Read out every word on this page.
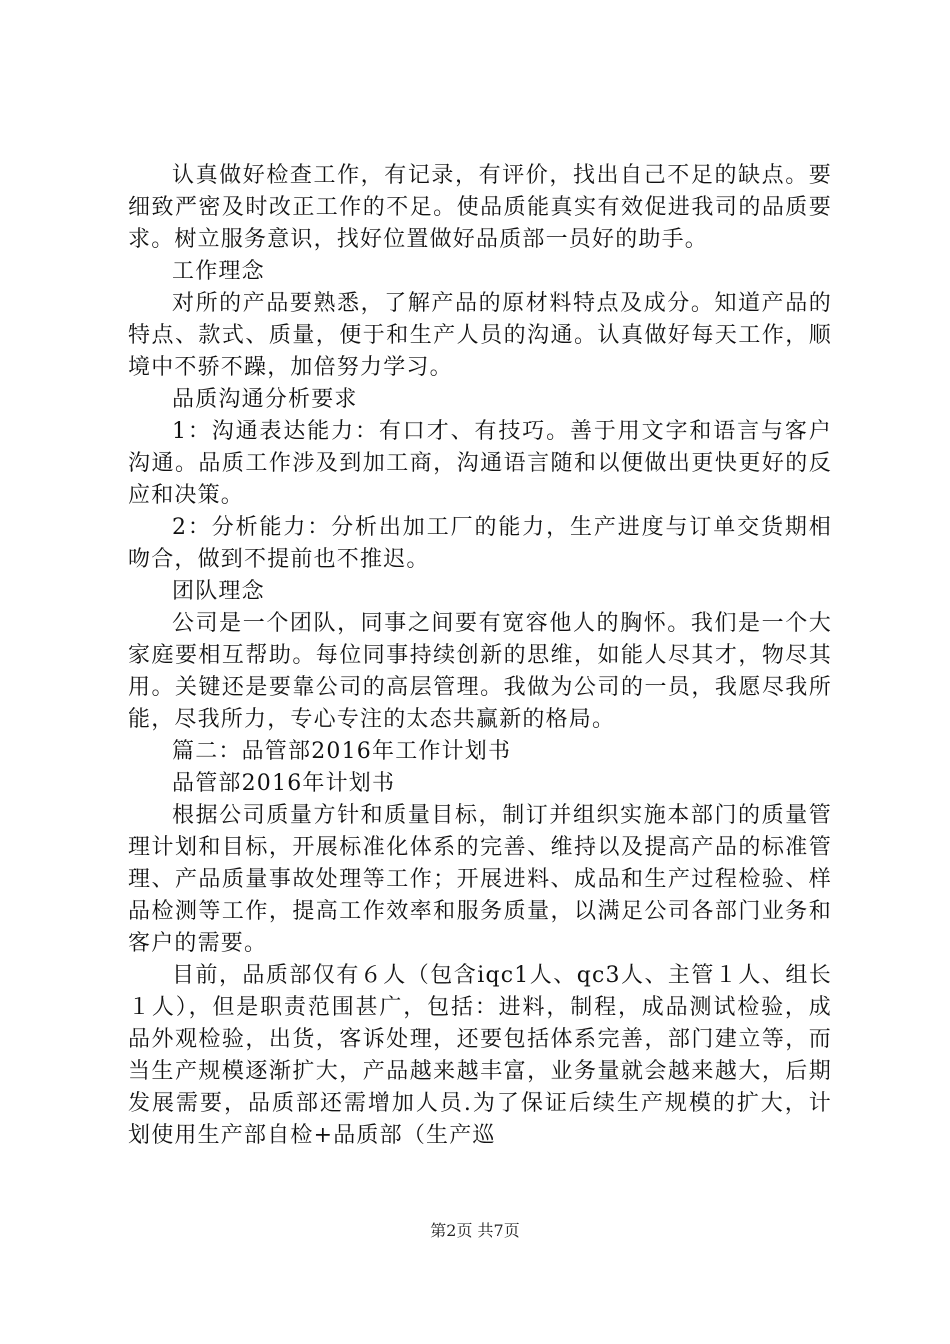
认真做好检查工作，有记录，有评价，找出自己不足的缺点。要细致严密及时改正工作的不足。使品质能真实有效促进我司的品质要求。树立服务意识，找好位置做好品质部一员好的助手。

工作理念

对所的产品要熟悉，了解产品的原材料特点及成分。知道产品的特点、款式、质量，便于和生产人员的沟通。认真做好每天工作，顺境中不骄不躁，加倍努力学习。

品质沟通分析要求

1：沟通表达能力：有口才、有技巧。善于用文字和语言与客户沟通。品质工作涉及到加工商，沟通语言随和以便做出更快更好的反应和决策。

2：分析能力：分析出加工厂的能力，生产进度与订单交货期相吻合，做到不提前也不推迟。

团队理念

公司是一个团队，同事之间要有宽容他人的胸怀。我们是一个大家庭要相互帮助。每位同事持续创新的思维，如能人尽其才，物尽其用。关键还是要靠公司的高层管理。我做为公司的一员，我愿尽我所能，尽我所力，专心专注的太态共赢新的格局。

篇二：品管部2016年工作计划书

品管部2016年计划书

根据公司质量方针和质量目标，制订并组织实施本部门的质量管理计划和目标，开展标准化体系的完善、维持以及提高产品的标准管理、产品质量事故处理等工作；开展进料、成品和生产过程检验、样品检测等工作，提高工作效率和服务质量，以满足公司各部门业务和客户的需要。

目前，品质部仅有６人（包含iqc1人、qc3人、主管１人、组长１人），但是职责范围甚广，包括：进料，制程，成品测试检验，成品外观检验，出货，客诉处理，还要包括体系完善，部门建立等，而当生产规模逐渐扩大，产品越来越丰富，业务量就会越来越大，后期发展需要，品质部还需增加人员.为了保证后续生产规模的扩大，计划使用生产部自检+品质部（生产巡

第2页 共7页
